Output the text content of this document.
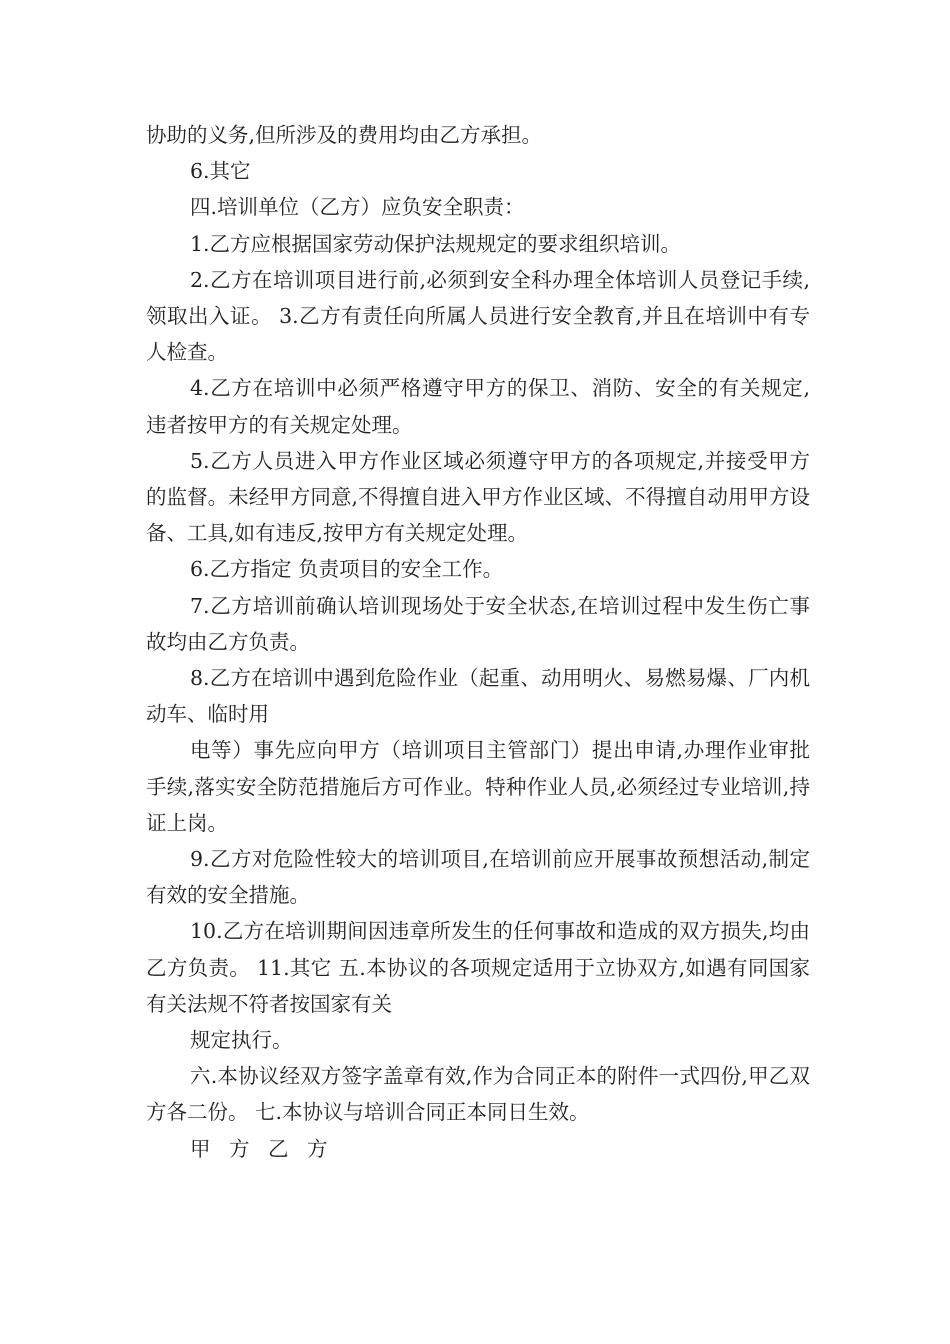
协助的义务,但所涉及的费用均由乙方承担。

6.其它

四.培训单位（乙方）应负安全职责：

1.乙方应根据国家劳动保护法规规定的要求组织培训。

2.乙方在培训项目进行前,必须到安全科办理全体培训人员登记手续,领取出入证。 3.乙方有责任向所属人员进行安全教育,并且在培训中有专人检查。

4.乙方在培训中必须严格遵守甲方的保卫、消防、安全的有关规定,违者按甲方的有关规定处理。

5.乙方人员进入甲方作业区域必须遵守甲方的各项规定,并接受甲方的监督。未经甲方同意,不得擅自进入甲方作业区域、不得擅自动用甲方设备、工具,如有违反,按甲方有关规定处理。

6.乙方指定 负责项目的安全工作。

7.乙方培训前确认培训现场处于安全状态,在培训过程中发生伤亡事故均由乙方负责。

8.乙方在培训中遇到危险作业（起重、动用明火、易燃易爆、厂内机动车、临时用

电等）事先应向甲方（培训项目主管部门）提出申请,办理作业审批手续,落实安全防范措施后方可作业。特种作业人员,必须经过专业培训,持证上岗。

9.乙方对危险性较大的培训项目,在培训前应开展事故预想活动,制定有效的安全措施。

10.乙方在培训期间因违章所发生的任何事故和造成的双方损失,均由乙方负责。 11.其它 五.本协议的各项规定适用于立协双方,如遇有同国家有关法规不符者按国家有关

规定执行。

六.本协议经双方签字盖章有效,作为合同正本的附件一式四份,甲乙双方各二份。 七.本协议与培训合同正本同日生效。

甲 方 乙 方
